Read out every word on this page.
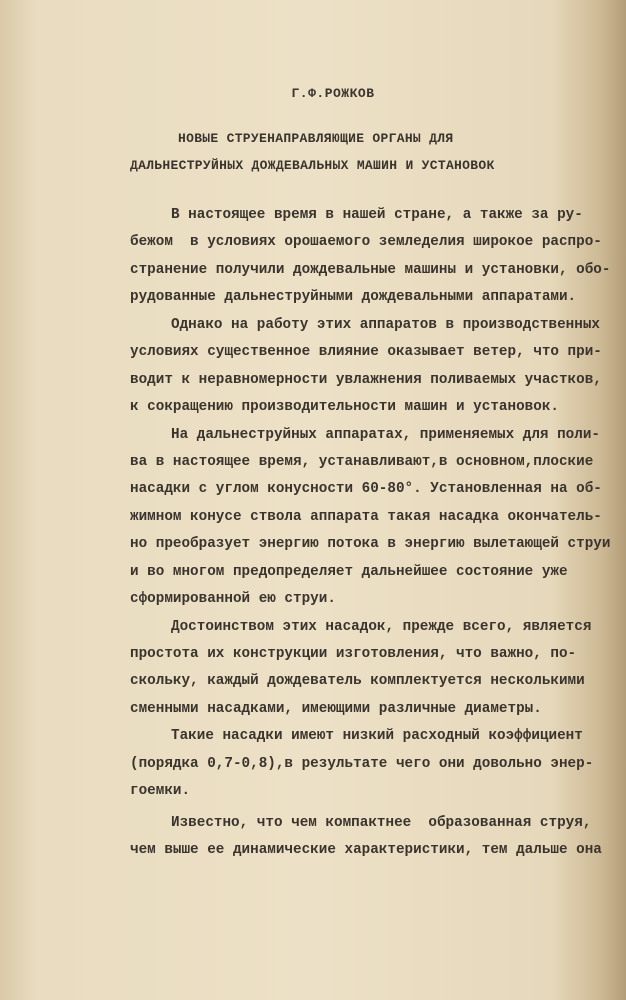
Г.Ф.РОЖКОВ
НОВЫЕ СТРУЕНАПРАВЛЯЮЩИЕ ОРГАНЫ ДЛЯ
ДАЛЬНЕСТРУЙНЫХ ДОЖДЕВАЛЬНЫХ МАШИН И УСТАНОВОК
В настоящее время в нашей стране, а также за ру-
бежом  в условиях орошаемого земледелия широкое распро-
странение получили дождевальные машины и установки, обо-
рудованные дальнеструйными дождевальными аппаратами.
Однако на работу этих аппаратов в производственных
условиях существенное влияние оказывает ветер, что при-
водит к неравномерности увлажнения поливаемых участков,
к сокращению производительности машин и установок.
На дальнеструйных аппаратах, применяемых для поли-
ва в настоящее время, устанавливают,в основном,плоские
насадки с углом конусности 60-80°. Установленная на об-
жимном конусе ствола аппарата такая насадка окончатель-
но преобразует энергию потока в энергию вылетающей струи
и во многом предопределяет дальнейшее состояние уже
сформированной ею струи.
Достоинством этих насадок, прежде всего, является
простота их конструкции изготовления, что важно, по-
скольку, каждый дождеватель комплектуется несколькими
сменными насадками, имеющими различные диаметры.
Такие насадки имеют низкий расходный коэффициент
(порядка 0,7-0,8),в результате чего они довольно энер-
гоемки.
Известно, что чем компактнее  образованная струя,
чем выше ее динамические характеристики, тем дальше она
